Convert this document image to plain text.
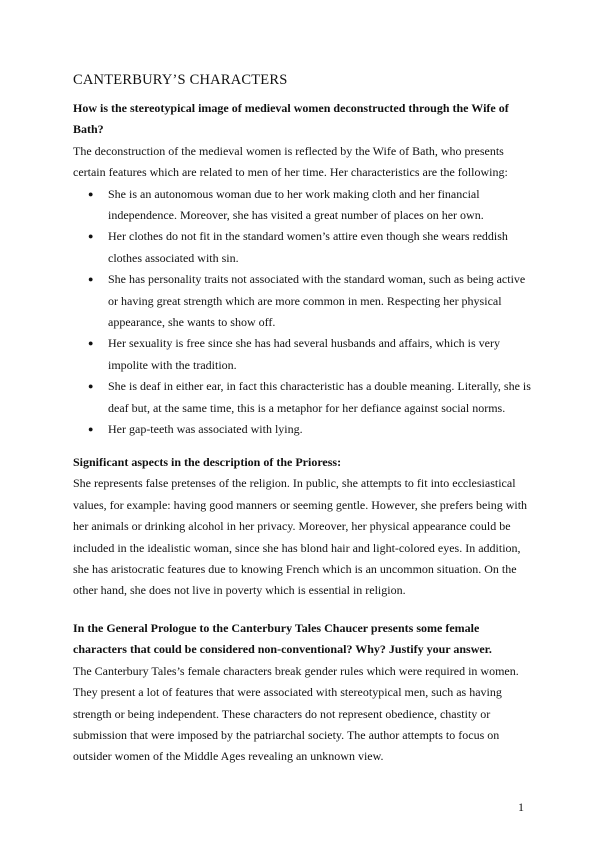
CANTERBURY’S CHARACTERS

How is the stereotypical image of medieval women deconstructed through the Wife of Bath?

The deconstruction of the medieval women is reflected by the Wife of Bath, who presents certain features which are related to men of her time. Her characteristics are the following:

● She is an autonomous woman due to her work making cloth and her financial independence. Moreover, she has visited a great number of places on her own.
● Her clothes do not fit in the standard women’s attire even though she wears reddish clothes associated with sin.
● She has personality traits not associated with the standard woman, such as being active or having great strength which are more common in men. Respecting her physical appearance, she wants to show off.
● Her sexuality is free since she has had several husbands and affairs, which is very impolite with the tradition.
● She is deaf in either ear, in fact this characteristic has a double meaning. Literally, she is deaf but, at the same time, this is a metaphor for her defiance against social norms.
● Her gap-teeth was associated with lying.

Significant aspects in the description of the Prioress:

She represents false pretenses of the religion. In public, she attempts to fit into ecclesiastical values, for example: having good manners or seeming gentle. However, she prefers being with her animals or drinking alcohol in her privacy. Moreover, her physical appearance could be included in the idealistic woman, since she has blond hair and light-colored eyes. In addition, she has aristocratic features due to knowing French which is an uncommon situation. On the other hand, she does not live in poverty which is essential in religion.

In the General Prologue to the Canterbury Tales Chaucer presents some female characters that could be considered non-conventional? Why? Justify your answer.

The Canterbury Tales’s female characters break gender rules which were required in women. They present a lot of features that were associated with stereotypical men, such as having strength or being independent. These characters do not represent obedience, chastity or submission that were imposed by the patriarchal society. The author attempts to focus on outsider women of the Middle Ages revealing an unknown view.

1
